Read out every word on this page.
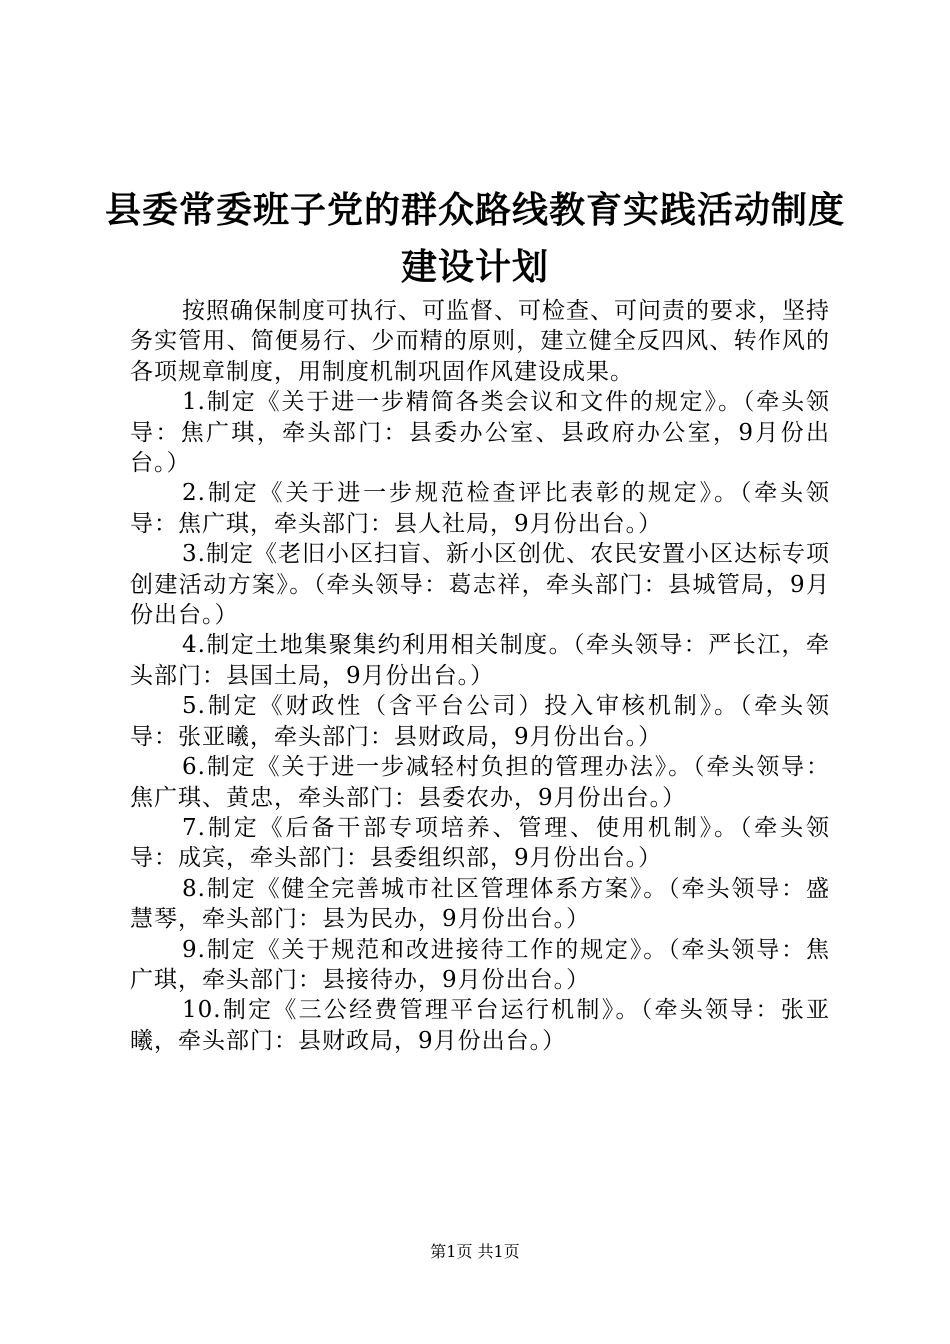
县委常委班子党的群众路线教育实践活动制度
建设计划

按照确保制度可执行、可监督、可检查、可问责的要求，坚持务实管用、简便易行、少而精的原则，建立健全反四风、转作风的各项规章制度，用制度机制巩固作风建设成果。

1.制定《关于进一步精简各类会议和文件的规定》。（牵头领导：焦广琪，牵头部门：县委办公室、县政府办公室，9月份出台。）

2.制定《关于进一步规范检查评比表彰的规定》。（牵头领导：焦广琪，牵头部门：县人社局，9月份出台。）

3.制定《老旧小区扫盲、新小区创优、农民安置小区达标专项创建活动方案》。（牵头领导：葛志祥，牵头部门：县城管局，9月份出台。）

4.制定土地集聚集约利用相关制度。（牵头领导：严长江，牵头部门：县国土局，9月份出台。）

5.制定《财政性（含平台公司）投入审核机制》。（牵头领导：张亚曦，牵头部门：县财政局，9月份出台。）

6.制定《关于进一步减轻村负担的管理办法》。（牵头领导：焦广琪、黄忠，牵头部门：县委农办，9月份出台。）

7.制定《后备干部专项培养、管理、使用机制》。（牵头领导：成宾，牵头部门：县委组织部，9月份出台。）

8.制定《健全完善城市社区管理体系方案》。（牵头领导：盛慧琴，牵头部门：县为民办，9月份出台。）

9.制定《关于规范和改进接待工作的规定》。（牵头领导：焦广琪，牵头部门：县接待办，9月份出台。）

10.制定《三公经费管理平台运行机制》。（牵头领导：张亚曦，牵头部门：县财政局，9月份出台。）

第1页 共1页
